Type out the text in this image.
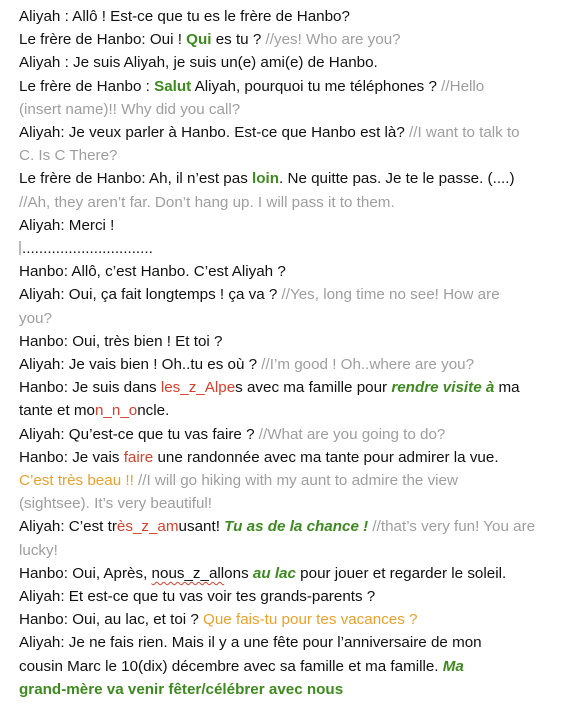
Aliyah : Allô ! Est-ce que tu es le frère de Hanbo?
Le frère de Hanbo: Oui ! Qui es tu ? //yes! Who are you?
Aliyah : Je suis Aliyah, je suis un(e) ami(e) de Hanbo.
Le frère de Hanbo : Salut Aliyah, pourquoi tu me téléphones ? //Hello
(insert name)!! Why did you call?
Aliyah: Je veux parler à Hanbo. Est-ce que Hanbo est là? //I want to talk to
C. Is C There?
Le frère de Hanbo: Ah, il n’est pas loin. Ne quitte pas. Je te le passe. (....)
//Ah, they aren’t far. Don’t hang up. I will pass it to them.
Aliyah: Merci !
...............................
Hanbo: Allô, c’est Hanbo. C’est Aliyah ?
Aliyah: Oui, ça fait longtemps ! ça va ? //Yes, long time no see! How are
you?
Hanbo: Oui, très bien ! Et toi ?
Aliyah: Je vais bien ! Oh..tu es où ? //I’m good ! Oh..where are you?
Hanbo: Je suis dans les_z_Alpes avec ma famille pour rendre visite à ma
tante et mon_n_oncle.
Aliyah: Qu’est-ce que tu vas faire ? //What are you going to do?
Hanbo: Je vais faire une randonnée avec ma tante pour admirer la vue.
C’est très beau !! //I will go hiking with my aunt to admire the view
(sightsee). It’s very beautiful!
Aliyah: C’est très_z_amusant! Tu as de la chance ! //that’s very fun! You are
lucky!
Hanbo: Oui, Après, nous_z_allons au lac pour jouer et regarder le soleil.
Aliyah: Et est-ce que tu vas voir tes grands-parents ?
Hanbo: Oui, au lac, et toi ? Que fais-tu pour tes vacances ?
Aliyah: Je ne fais rien. Mais il y a une fête pour l’anniversaire de mon
cousin Marc le 10(dix) décembre avec sa famille et ma famille. Ma
grand-mère va venir fêter/célébrer avec nous
